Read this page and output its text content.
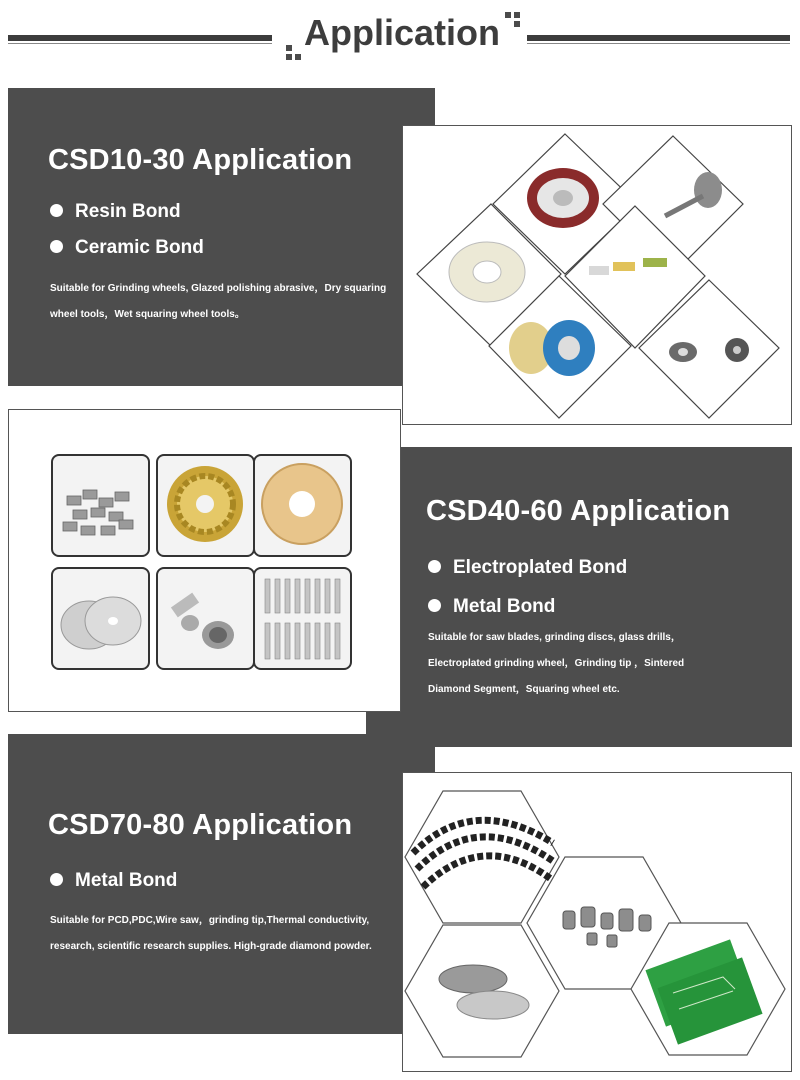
Application
CSD10-30 Application
Resin Bond
Ceramic Bond
Suitable for Grinding wheels, Glazed polishing abrasive，Dry squaring
wheel tools，Wet squaring wheel tools。
CSD40-60 Application
Electroplated Bond
Metal Bond
Suitable for saw blades, grinding discs, glass drills，
Electroplated grinding wheel，Grinding tip ，Sintered
Diamond Segment，Squaring wheel etc.
CSD70-80 Application
Metal Bond
Suitable for PCD,PDC,Wire saw，grinding tip,Thermal conductivity,
research, scientific research supplies. High-grade diamond powder.
